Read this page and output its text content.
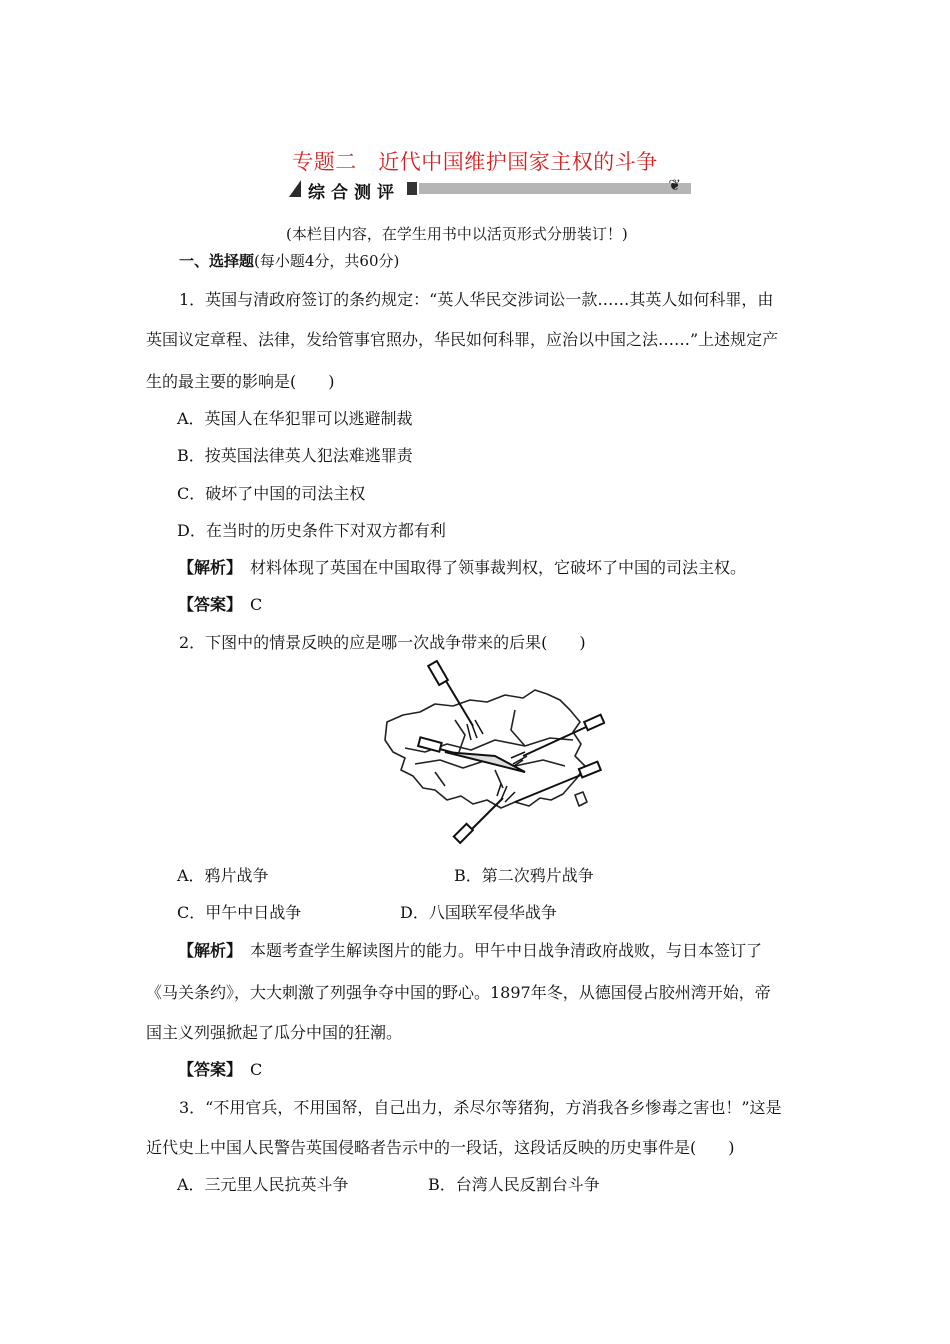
专题二　近代中国维护国家主权的斗争
综合测评	❦
(本栏目内容，在学生用书中以活页形式分册装订！)
一、选择题(每小题4分，共60分)
1．英国与清政府签订的条约规定：“英人华民交涉词讼一款……其英人如何科罪，由
英国议定章程、法律，发给管事官照办，华民如何科罪，应治以中国之法……”上述规定产
生的最主要的影响是(　　)
A．英国人在华犯罪可以逃避制裁
B．按英国法律英人犯法难逃罪责
C．破坏了中国的司法主权
D．在当时的历史条件下对双方都有利
【解析】　 材料体现了英国在中国取得了领事裁判权，它破坏了中国的司法主权。
【答案】　 C
2．下图中的情景反映的应是哪一次战争带来的后果(　　)
A．鸦片战争	B．第二次鸦片战争
C．甲午中日战争	D．八国联军侵华战争
【解析】　 本题考查学生解读图片的能力。甲午中日战争清政府战败，与日本签订了
《马关条约》，大大刺激了列强争夺中国的野心。1897年冬，从德国侵占胶州湾开始，帝
国主义列强掀起了瓜分中国的狂潮。
【答案】　 C
3．“不用官兵，不用国帑，自己出力，杀尽尔等猪狗，方消我各乡惨毒之害也！”这是
近代史上中国人民警告英国侵略者告示中的一段话，这段话反映的历史事件是(　　)
A．三元里人民抗英斗争	B．台湾人民反割台斗争
